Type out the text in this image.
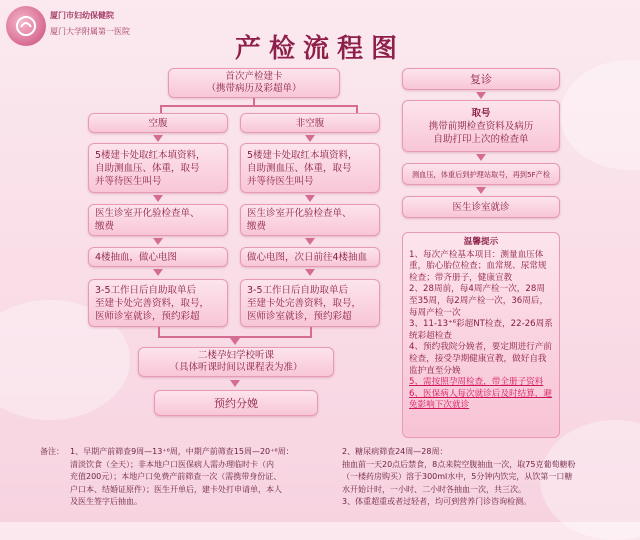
厦门市妇幼保健院
厦门大学附属第一医院
产检流程图
首次产检建卡
（携带病历及彩超单）
空腹	非空腹
5楼建卡处取红本填资料，
自助测血压、体重，取号
并等待医生叫号
5楼建卡处取红本填资料，
自助测血压、体重，取号
并等待医生叫号
医生诊室开化验检查单、
缴费
医生诊室开化验检查单、
缴费
4楼抽血，做心电图	做心电图，次日前往4楼抽血
3-5工作日后自助取单后
至建卡处完善资料，取号，
医师诊室就诊，预约彩超
3-5工作日后自助取单后
至建卡处完善资料，取号，
医师诊室就诊，预约彩超
二楼孕妇学校听课
（具体听课时间以课程表为准）
预约分娩
复诊
取号
携带前期检查资料及病历
自助打印上次的检查单
测血压，体重后到护理站取号，再到5F产检
医生诊室就诊
温馨提示
1、每次产检基本项目：测量血压体重，胎心胎位检查；血常规、尿常规检查；带齐册子，健康宣教
2、28周前，每4周产检一次，28周至35周，每2周产检一次，36周后，每周产检一次
3、11-13⁺⁶彩超NT检查，22-26周系统彩超检查
4、预约我院分娩者，要定期进行产前检查，接受孕期健康宣教，做好自我监护直至分娩
5、需按照孕周检查，带全册子资料
6、医保病人每次就诊后及时结算，避免影响下次就诊
备注： 1、早期产前筛查9周—13⁺⁶周，中期产前筛查15周—20⁺⁶周：
清淡饮食（全天）；非本地户口医保病人需办理临时卡（内
充值200元）；本地户口免费产前筛查一次（需携带身份证、
户口本、结婚证原件）；医生开单后，建卡处打申请单，本人
及医生签字后抽血。
2、糖尿病筛查24周—28周：
抽血前一天20点后禁食，8点来院空腹抽血一次，取75克葡萄糖粉
（一楼药房购买）溶于300ml水中，5分钟内饮完，从饮第一口糖
水开始计时，一小时、二小时各抽血一次，共三次。
3、体重超重或者过轻者，均可到营养门诊咨询检测。
